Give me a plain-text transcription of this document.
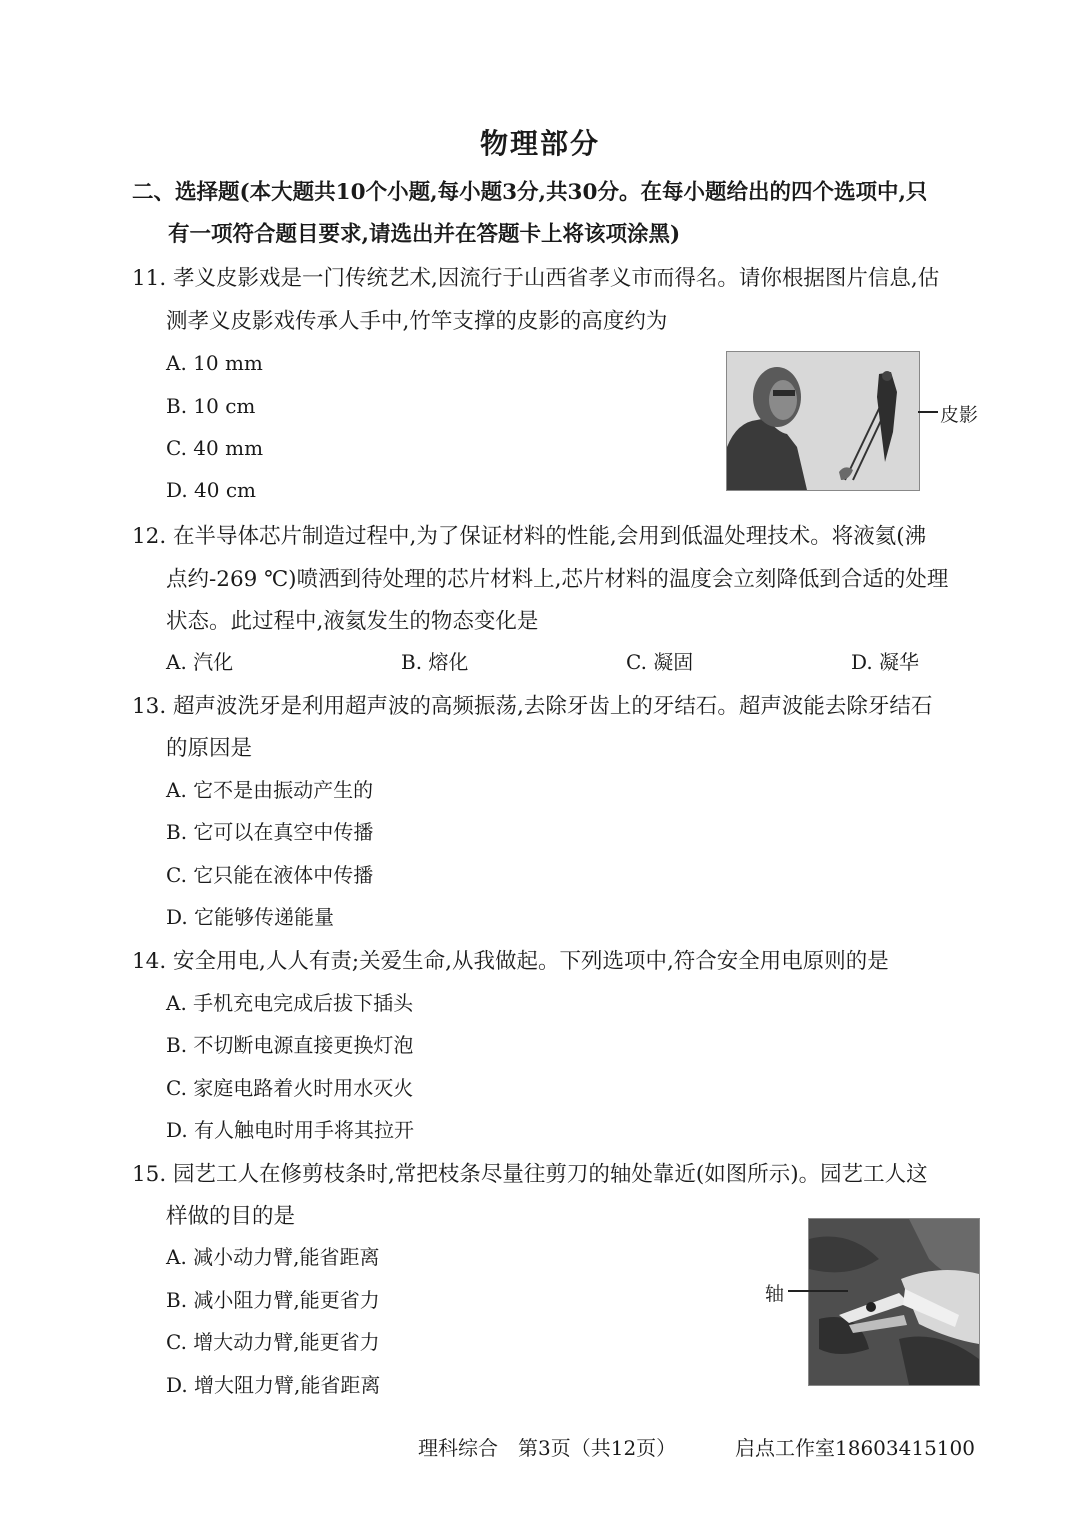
物理部分
二、选择题(本大题共10个小题,每小题3分,共30分。在每小题给出的四个选项中,只
有一项符合题目要求,请选出并在答题卡上将该项涂黑)
11. 孝义皮影戏是一门传统艺术,因流行于山西省孝义市而得名。请你根据图片信息,估
测孝义皮影戏传承人手中,竹竿支撑的皮影的高度约为
A. 10 mm
B. 10 cm
C. 40 mm
D. 40 cm
皮影
12. 在半导体芯片制造过程中,为了保证材料的性能,会用到低温处理技术。将液氦(沸
点约-269 ℃)喷洒到待处理的芯片材料上,芯片材料的温度会立刻降低到合适的处理
状态。此过程中,液氦发生的物态变化是
A. 汽化	B. 熔化	C. 凝固	D. 凝华
13. 超声波洗牙是利用超声波的高频振荡,去除牙齿上的牙结石。超声波能去除牙结石
的原因是
A. 它不是由振动产生的
B. 它可以在真空中传播
C. 它只能在液体中传播
D. 它能够传递能量
14. 安全用电,人人有责;关爱生命,从我做起。下列选项中,符合安全用电原则的是
A. 手机充电完成后拔下插头
B. 不切断电源直接更换灯泡
C. 家庭电路着火时用水灭火
D. 有人触电时用手将其拉开
15. 园艺工人在修剪枝条时,常把枝条尽量往剪刀的轴处靠近(如图所示)。园艺工人这
样做的目的是
A. 减小动力臂,能省距离
B. 减小阻力臂,能更省力
C. 增大动力臂,能更省力
D. 增大阻力臂,能省距离
轴
理科综合　第3页（共12页）	启点工作室18603415100
